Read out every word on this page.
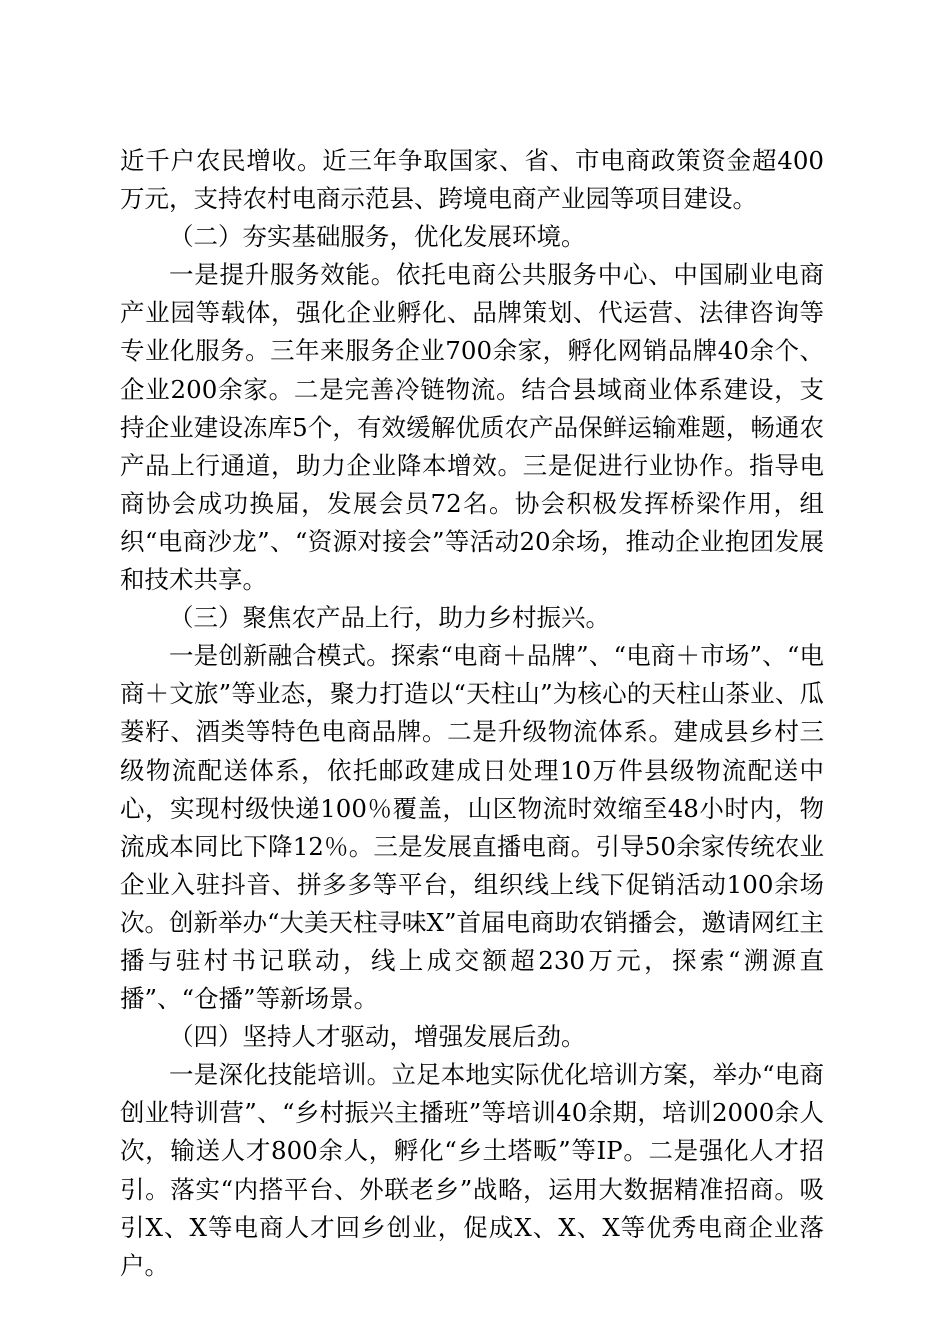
近千户农民增收。近三年争取国家、省、市电商政策资金超400万元，支持农村电商示范县、跨境电商产业园等项目建设。

（二）夯实基础服务，优化发展环境。

一是提升服务效能。依托电商公共服务中心、中国刷业电商产业园等载体，强化企业孵化、品牌策划、代运营、法律咨询等专业化服务。三年来服务企业700余家，孵化网销品牌40余个、企业200余家。二是完善冷链物流。结合县域商业体系建设，支持企业建设冻库5个，有效缓解优质农产品保鲜运输难题，畅通农产品上行通道，助力企业降本增效。三是促进行业协作。指导电商协会成功换届，发展会员72名。协会积极发挥桥梁作用，组织“电商沙龙”、“资源对接会”等活动20余场，推动企业抱团发展和技术共享。

（三）聚焦农产品上行，助力乡村振兴。

一是创新融合模式。探索“电商＋品牌”、“电商＋市场”、“电商＋文旅”等业态，聚力打造以“天柱山”为核心的天柱山茶业、瓜蒌籽、酒类等特色电商品牌。二是升级物流体系。建成县乡村三级物流配送体系，依托邮政建成日处理10万件县级物流配送中心，实现村级快递100％覆盖，山区物流时效缩至48小时内，物流成本同比下降12％。三是发展直播电商。引导50余家传统农业企业入驻抖音、拼多多等平台，组织线上线下促销活动100余场次。创新举办“大美天柱寻味X”首届电商助农销播会，邀请网红主播与驻村书记联动，线上成交额超230万元，探索“溯源直播”、“仓播”等新场景。

（四）坚持人才驱动，增强发展后劲。

一是深化技能培训。立足本地实际优化培训方案，举办“电商创业特训营”、“乡村振兴主播班”等培训40余期，培训2000余人次，输送人才800余人，孵化“乡土塔畈”等IP。二是强化人才招引。落实“内搭平台、外联老乡”战略，运用大数据精准招商。吸引X、X等电商人才回乡创业，促成X、X、X等优秀电商企业落户。
